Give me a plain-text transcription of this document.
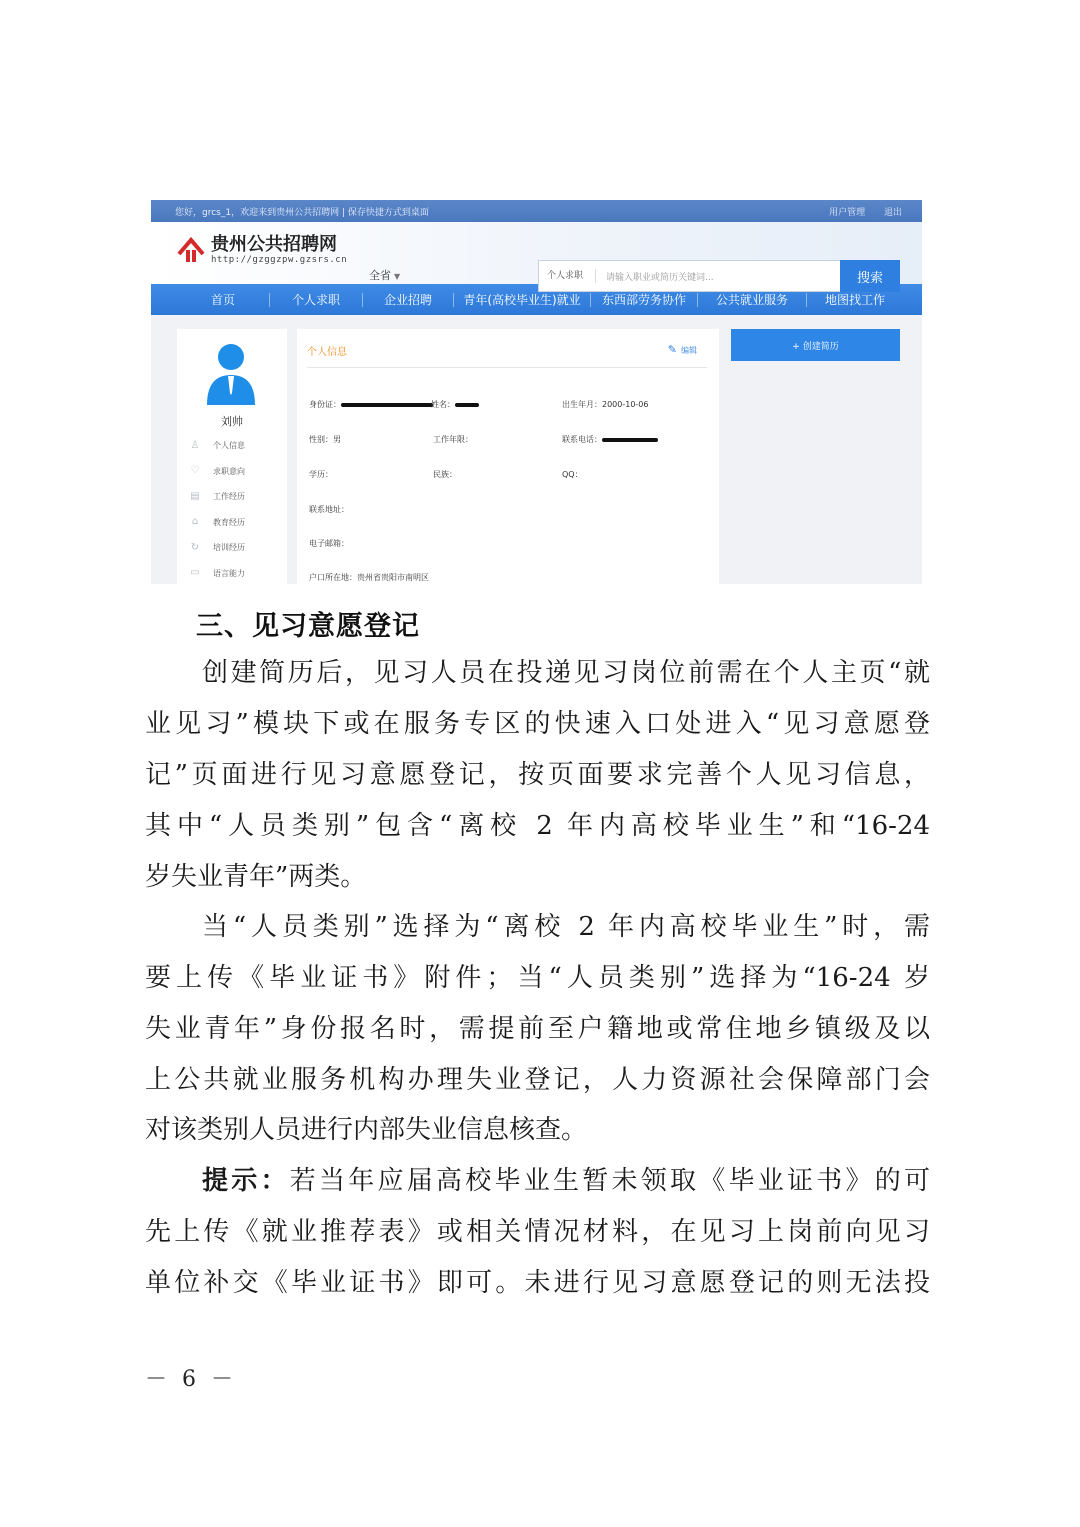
您好，grcs_1，欢迎来到贵州公共招聘网 | 保存快捷方式到桌面	用户管理 退出
贵州公共招聘网
http://gzggzpw.gzsrs.cn
全省 ▼	个人求职	请输入职业或简历关键词...	搜索
首页	个人求职	企业招聘	青年(高校毕业生)就业	东西部劳务协作	公共就业服务	地图找工作
刘帅
♙ 个人信息
♡ 求职意向
▤ 工作经历
⌂	教育经历
↻ 培训经历
▭ 语言能力
个人信息	✎ 编辑
身份证：	姓名：	出生年月：2000-10-06
性别：男	工作年限：	联系电话：
学历：	民族：	QQ：
联系地址：
电子邮箱：
户口所在地：贵州省贵阳市南明区
+ 创建简历
三、见习意愿登记
创建简历后，见习人员在投递见习岗位前需在个人主页“就
业见习”模块下或在服务专区的快速入口处进入“见习意愿登
记”页面进行见习意愿登记，按页面要求完善个人见习信息，
其中“人员类别”包含“离校 2 年内高校毕业生”和“16-24
岁失业青年”两类。
当“人员类别”选择为“离校 2 年内高校毕业生”时，需
要上传《毕业证书》附件；当“人员类别”选择为“16-24 岁
失业青年”身份报名时，需提前至户籍地或常住地乡镇级及以
上公共就业服务机构办理失业登记，人力资源社会保障部门会
对该类别人员进行内部失业信息核查。
提示：若当年应届高校毕业生暂未领取《毕业证书》的可
先上传《就业推荐表》或相关情况材料，在见习上岗前向见习
单位补交《毕业证书》即可。未进行见习意愿登记的则无法投
－ 6 －
